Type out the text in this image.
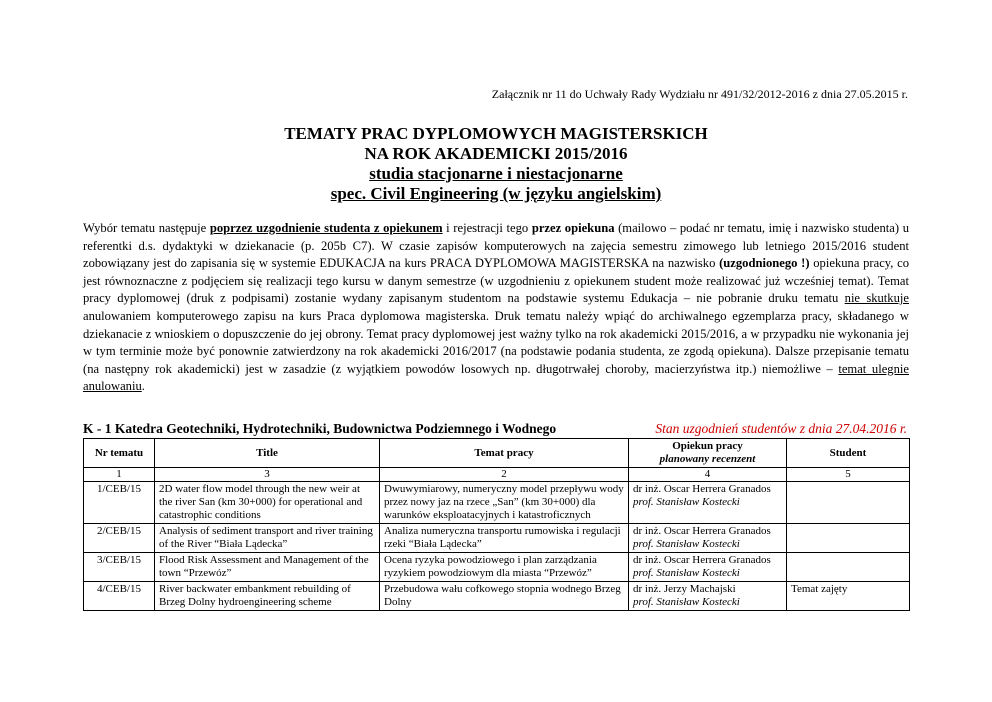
Załącznik nr 11 do Uchwały Rady Wydziału nr 491/32/2012-2016 z dnia 27.05.2015 r.
TEMATY PRAC DYPLOMOWYCH MAGISTERSKICH
NA ROK AKADEMICKI 2015/2016
studia stacjonarne i niestacjonarne
spec. Civil Engineering (w języku angielskim)
Wybór tematu następuje poprzez uzgodnienie studenta z opiekunem i rejestracji tego przez opiekuna (mailowo – podać nr tematu, imię i nazwisko studenta) u referentki d.s. dydaktyki w dziekanacie (p. 205b C7). W czasie zapisów komputerowych na zajęcia semestru zimowego lub letniego 2015/2016 student zobowiązany jest do zapisania się w systemie EDUKACJA na kurs PRACA DYPLOMOWA MAGISTERSKA na nazwisko (uzgodnionego !) opiekuna pracy, co jest równoznaczne z podjęciem się realizacji tego kursu w danym semestrze (w uzgodnieniu z opiekunem student może realizować już wcześniej temat). Temat pracy dyplomowej (druk z podpisami) zostanie wydany zapisanym studentom na podstawie systemu Edukacja – nie pobranie druku tematu nie skutkuje anulowaniem komputerowego zapisu na kurs Praca dyplomowa magisterska. Druk tematu należy wpiąć do archiwalnego egzemplarza pracy, składanego w dziekanacie z wnioskiem o dopuszczenie do jej obrony. Temat pracy dyplomowej jest ważny tylko na rok akademicki 2015/2016, a w przypadku nie wykonania jej w tym terminie może być ponownie zatwierdzony na rok akademicki 2016/2017 (na podstawie podania studenta, ze zgodą opiekuna). Dalsze przepisanie tematu (na następny rok akademicki) jest w zasadzie (z wyjątkiem powodów losowych np. długotrwałej choroby, macierzyństwa itp.) niemożliwe – temat ulegnie anulowaniu.
K - 1 Katedra Geotechniki, Hydrotechniki, Budownictwa Podziemnego i Wodnego	Stan uzgodnień studentów z dnia 27.04.2016 r.
Nr tematu	Title	Temat pracy	Opiekun pracy
planowany recenzent	Student
1	3	2	4	5
1/CEB/15	2D water flow model through the new weir at the river San (km 30+000) for operational and catastrophic conditions	Dwuwymiarowy, numeryczny model przepływu wody przez nowy jaz na rzece „San” (km 30+000) dla warunków eksploatacyjnych i katastroficznych	dr inż. Oscar Herrera Granados
prof. Stanisław Kostecki	

2/CEB/15	Analysis of sediment transport and river training of the River “Biała Lądecka”	Analiza numeryczna transportu rumowiska i regulacji rzeki “Biała Lądecka”	dr inż. Oscar Herrera Granados
prof. Stanisław Kostecki	

3/CEB/15	Flood Risk Assessment and Management of the town “Przewóz”	Ocena ryzyka powodziowego i plan zarządzania ryzykiem powodziowym dla miasta “Przewóz”	dr inż. Oscar Herrera Granados
prof. Stanisław Kostecki	

4/CEB/15	River backwater embankment rebuilding of Brzeg Dolny hydroengineering scheme	Przebudowa wału cofkowego stopnia wodnego Brzeg Dolny	dr inż. Jerzy Machajski
prof. Stanisław Kostecki	Temat zajęty
